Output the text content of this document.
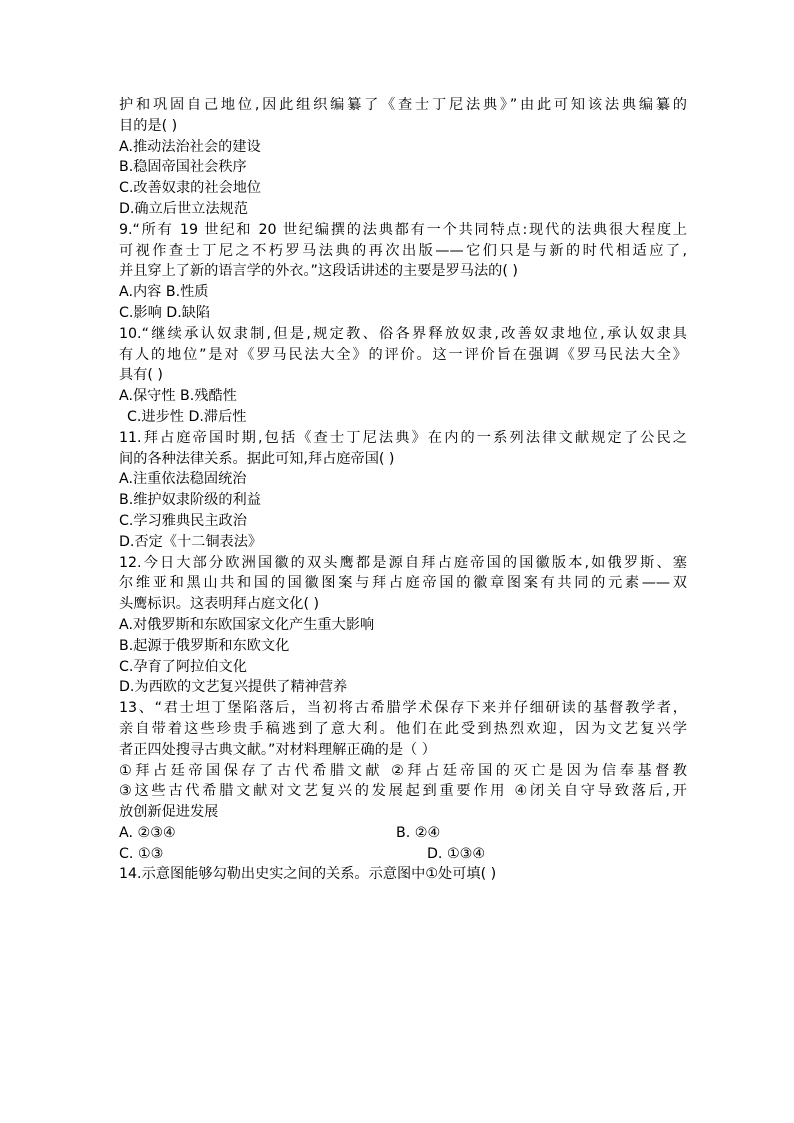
护和巩固自己地位,因此组织编纂了《查士丁尼法典》”由此可知该法典编纂的
目的是( )
A.推动法治社会的建设
B.稳固帝国社会秩序
C.改善奴隶的社会地位
D.确立后世立法规范
9.“所有 19 世纪和 20 世纪编撰的法典都有一个共同特点:现代的法典很大程度上
可视作查士丁尼之不朽罗马法典的再次出版——它们只是与新的时代相适应了,
并且穿上了新的语言学的外衣。”这段话讲述的主要是罗马法的( )
A.内容 B.性质
C.影响 D.缺陷
10.“继续承认奴隶制,但是,规定教、俗各界释放奴隶,改善奴隶地位,承认奴隶具
有人的地位”是对《罗马民法大全》的评价。这一评价旨在强调《罗马民法大全》
具有( )
A.保守性 B.残酷性
C.进步性 D.滞后性
11.拜占庭帝国时期,包括《查士丁尼法典》在内的一系列法律文献规定了公民之
间的各种法律关系。据此可知,拜占庭帝国( )
A.注重依法稳固统治
B.维护奴隶阶级的利益
C.学习雅典民主政治
D.否定《十二铜表法》
12.今日大部分欧洲国徽的双头鹰都是源自拜占庭帝国的国徽版本,如俄罗斯、塞
尔维亚和黑山共和国的国徽图案与拜占庭帝国的徽章图案有共同的元素——双
头鹰标识。这表明拜占庭文化( )
A.对俄罗斯和东欧国家文化产生重大影响
B.起源于俄罗斯和东欧文化
C.孕育了阿拉伯文化
D.为西欧的文艺复兴提供了精神营养
13、“君士坦丁堡陷落后，当初将古希腊学术保存下来并仔细研读的基督教学者，
亲自带着这些珍贵手稿逃到了意大利。他们在此受到热烈欢迎，因为文艺复兴学
者正四处搜寻古典文献。”对材料理解正确的是（ ）
①拜占廷帝国保存了古代希腊文献 ②拜占廷帝国的灭亡是因为信奉基督教
③这些古代希腊文献对文艺复兴的发展起到重要作用 ④闭关自守导致落后,开
放创新促进发展
A. ②③④	B. ②④
C. ①③	D. ①③④
14.示意图能够勾勒出史实之间的关系。示意图中①处可填( )
